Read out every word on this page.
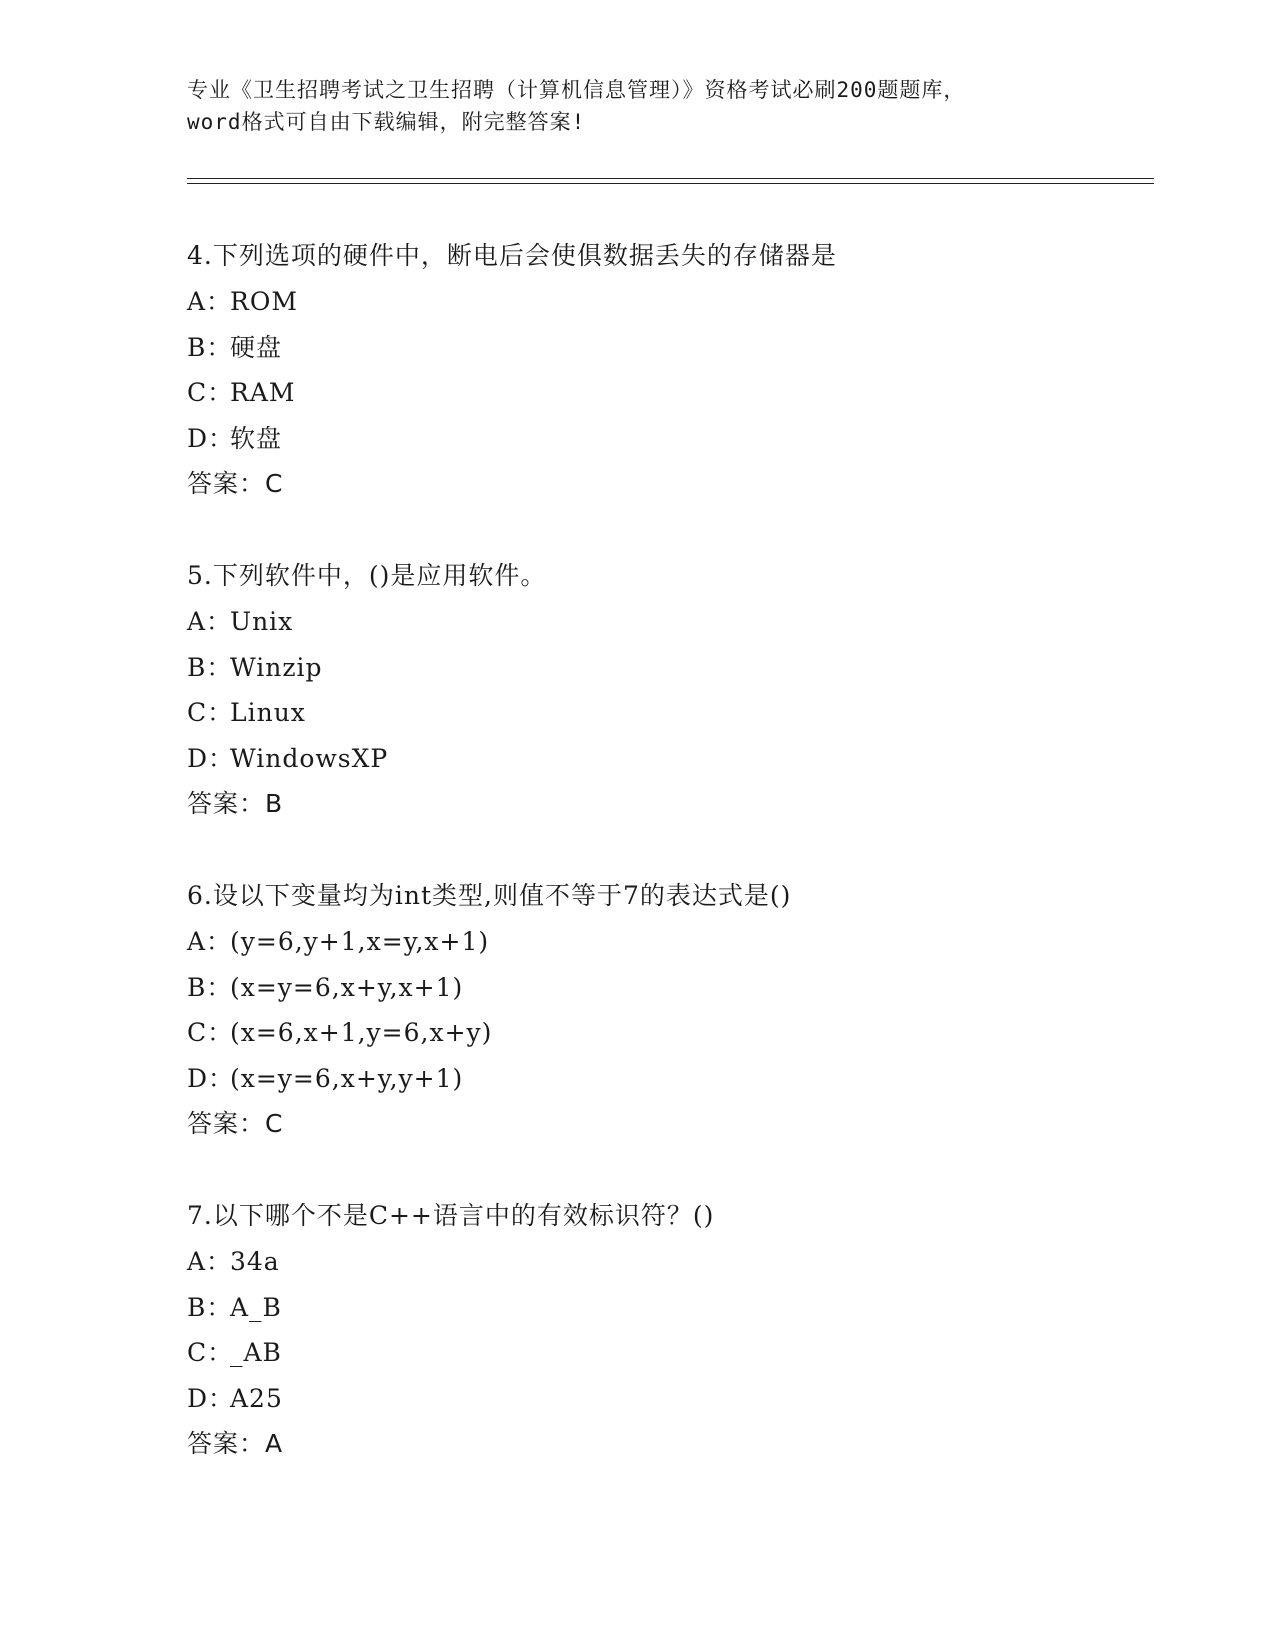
专业《卫生招聘考试之卫生招聘（计算机信息管理）》资格考试必刷200题题库，
word格式可自由下载编辑，附完整答案!
4.下列选项的硬件中，断电后会使俱数据丢失的存储器是
A：ROM
B：硬盘
C：RAM
D：软盘
答案：C
5.下列软件中，()是应用软件。
A：Unix
B：Winzip
C：Linux
D：WindowsXP
答案：B
6.设以下变量均为int类型,则值不等于7的表达式是()
A：(y=6,y+1,x=y,x+1)
B：(x=y=6,x+y,x+1)
C：(x=6,x+1,y=6,x+y)
D：(x=y=6,x+y,y+1)
答案：C
7.以下哪个不是C++语言中的有效标识符？()
A：34a
B：A_B
C：_AB
D：A25
答案：A
